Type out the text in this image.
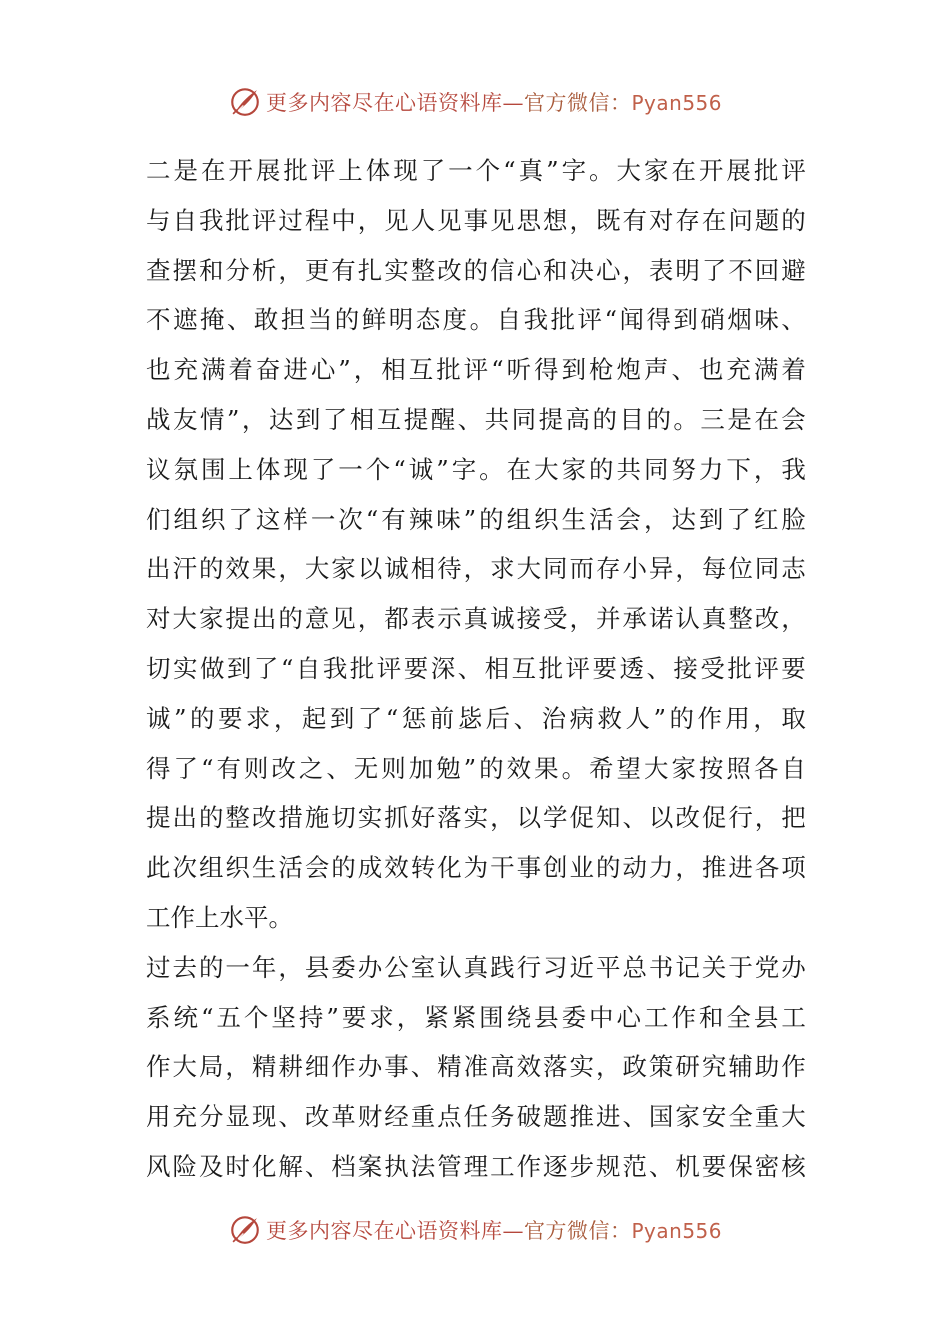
更多内容尽在心语资料库—官方微信：Pyan556
二 是 在 开 展 批 评 上 体 现 了 一 个 “ 真 ” 字 。 大 家 在 开 展 批 评
与 自 我 批 评 过 程 中 ， 见 人 见 事 见 思 想 ， 既 有 对 存 在 问 题 的
查 摆 和 分 析 ， 更 有 扎 实 整 改 的 信 心 和 决 心 ， 表 明 了 不 回 避
不 遮 掩 、 敢 担 当 的 鲜 明 态 度 。 自 我 批 评 “ 闻 得 到 硝 烟 味 、
也 充 满 着 奋 进 心 ” ， 相 互 批 评 “ 听 得 到 枪 炮 声 、 也 充 满 着
战 友 情 ” ， 达 到 了 相 互 提 醒 、 共 同 提 高 的 目 的 。 三 是 在 会
议 氛 围 上 体 现 了 一 个 “ 诚 ” 字 。 在 大 家 的 共 同 努 力 下 ， 我
们 组 织 了 这 样 一 次 “ 有 辣 味 ” 的 组 织 生 活 会 ， 达 到 了 红 脸
出 汗 的 效 果 ， 大 家 以 诚 相 待 ， 求 大 同 而 存 小 异 ， 每 位 同 志
对 大 家 提 出 的 意 见 ， 都 表 示 真 诚 接 受 ， 并 承 诺 认 真 整 改 ，
切 实 做 到 了 “ 自 我 批 评 要 深 、 相 互 批 评 要 透 、 接 受 批 评 要
诚 ” 的 要 求 ， 起 到 了 “ 惩 前 毖 后 、 治 病 救 人 ” 的 作 用 ， 取
得 了 “ 有 则 改 之 、 无 则 加 勉 ” 的 效 果 。 希 望 大 家 按 照 各 自
提 出 的 整 改 措 施 切 实 抓 好 落 实 ， 以 学 促 知 、 以 改 促 行 ， 把
此 次 组 织 生 活 会 的 成 效 转 化 为 干 事 创 业 的 动 力 ， 推 进 各 项
工作上水平。
过 去 的 一 年 ， 县 委 办 公 室 认 真 践 行 习 近 平 总 书 记 关 于 党 办
系 统 “ 五 个 坚 持 ” 要 求 ， 紧 紧 围 绕 县 委 中 心 工 作 和 全 县 工
作 大 局 ， 精 耕 细 作 办 事 、 精 准 高 效 落 实 ， 政 策 研 究 辅 助 作
用 充 分 显 现 、 改 革 财 经 重 点 任 务 破 题 推 进 、 国 家 安 全 重 大
风 险 及 时 化 解 、 档 案 执 法 管 理 工 作 逐 步 规 范 、 机 要 保 密 核
更多内容尽在心语资料库—官方微信：Pyan556
